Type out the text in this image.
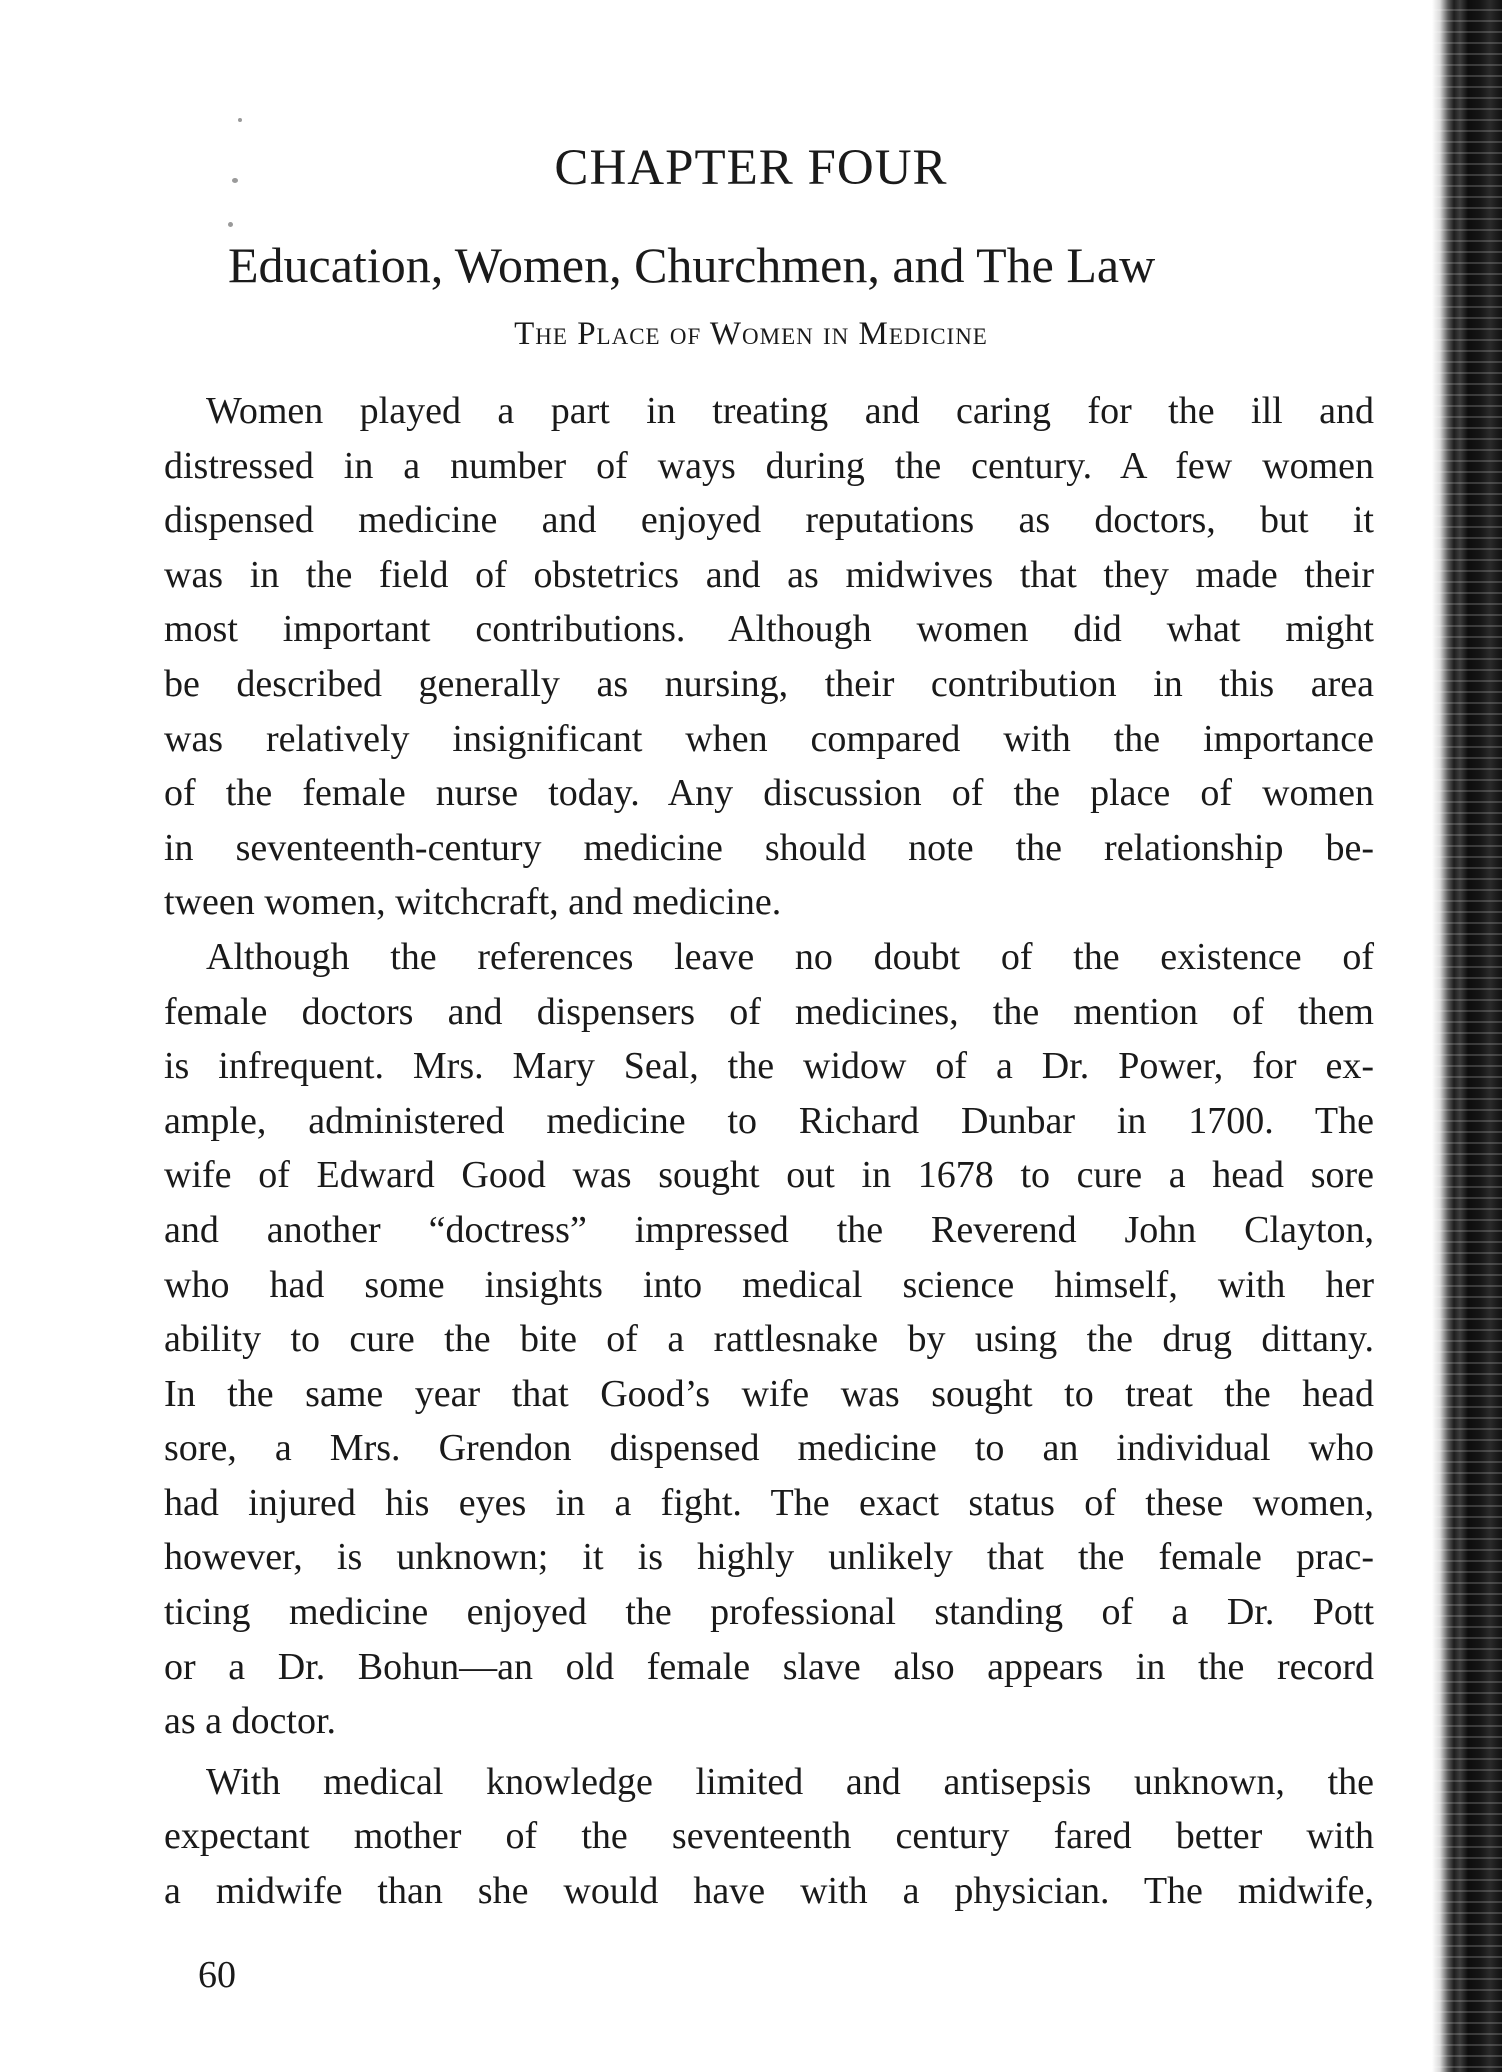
CHAPTER FOUR
Education, Women, Churchmen, and The Law
The Place of Women in Medicine
Women played a part in treating and caring for the ill and
distressed in a number of ways during the century. A few women
dispensed medicine and enjoyed reputations as doctors, but it
was in the field of obstetrics and as midwives that they made their
most important contributions. Although women did what might
be described generally as nursing, their contribution in this area
was relatively insignificant when compared with the importance
of the female nurse today. Any discussion of the place of women
in seventeenth-century medicine should note the relationship be-
tween women, witchcraft, and medicine.
Although the references leave no doubt of the existence of
female doctors and dispensers of medicines, the mention of them
is infrequent. Mrs. Mary Seal, the widow of a Dr. Power, for ex-
ample, administered medicine to Richard Dunbar in 1700. The
wife of Edward Good was sought out in 1678 to cure a head sore
and another “doctress” impressed the Reverend John Clayton,
who had some insights into medical science himself, with her
ability to cure the bite of a rattlesnake by using the drug dittany.
In the same year that Good’s wife was sought to treat the head
sore, a Mrs. Grendon dispensed medicine to an individual who
had injured his eyes in a fight. The exact status of these women,
however, is unknown; it is highly unlikely that the female prac-
ticing medicine enjoyed the professional standing of a Dr. Pott
or a Dr. Bohun—an old female slave also appears in the record
as a doctor.
With medical knowledge limited and antisepsis unknown, the
expectant mother of the seventeenth century fared better with
a midwife than she would have with a physician. The midwife,
60
